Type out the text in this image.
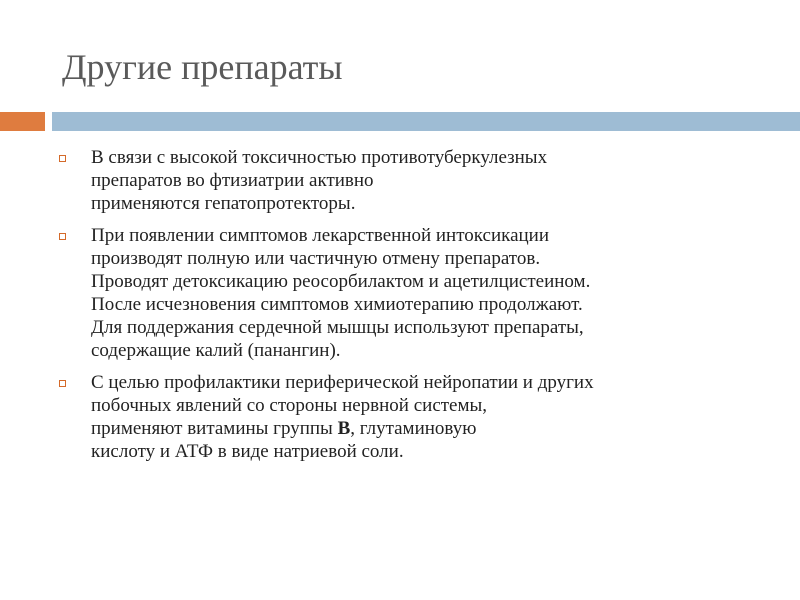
Другие препараты
В связи с высокой токсичностью противотуберкулезных
препаратов во фтизиатрии активно
применяются гепатопротекторы.
При появлении симптомов лекарственной интоксикации
производят полную или частичную отмену препаратов.
Проводят детоксикацию реосорбилактом и ацетилцистеином.
После исчезновения симптомов химиотерапию продолжают.
Для поддержания сердечной мышцы используют препараты,
содержащие калий (панангин).
С целью профилактики периферической нейропатии и других
побочных явлений со стороны нервной системы,
применяют витамины группы В, глутаминовую
кислоту и АТФ в виде натриевой соли.
